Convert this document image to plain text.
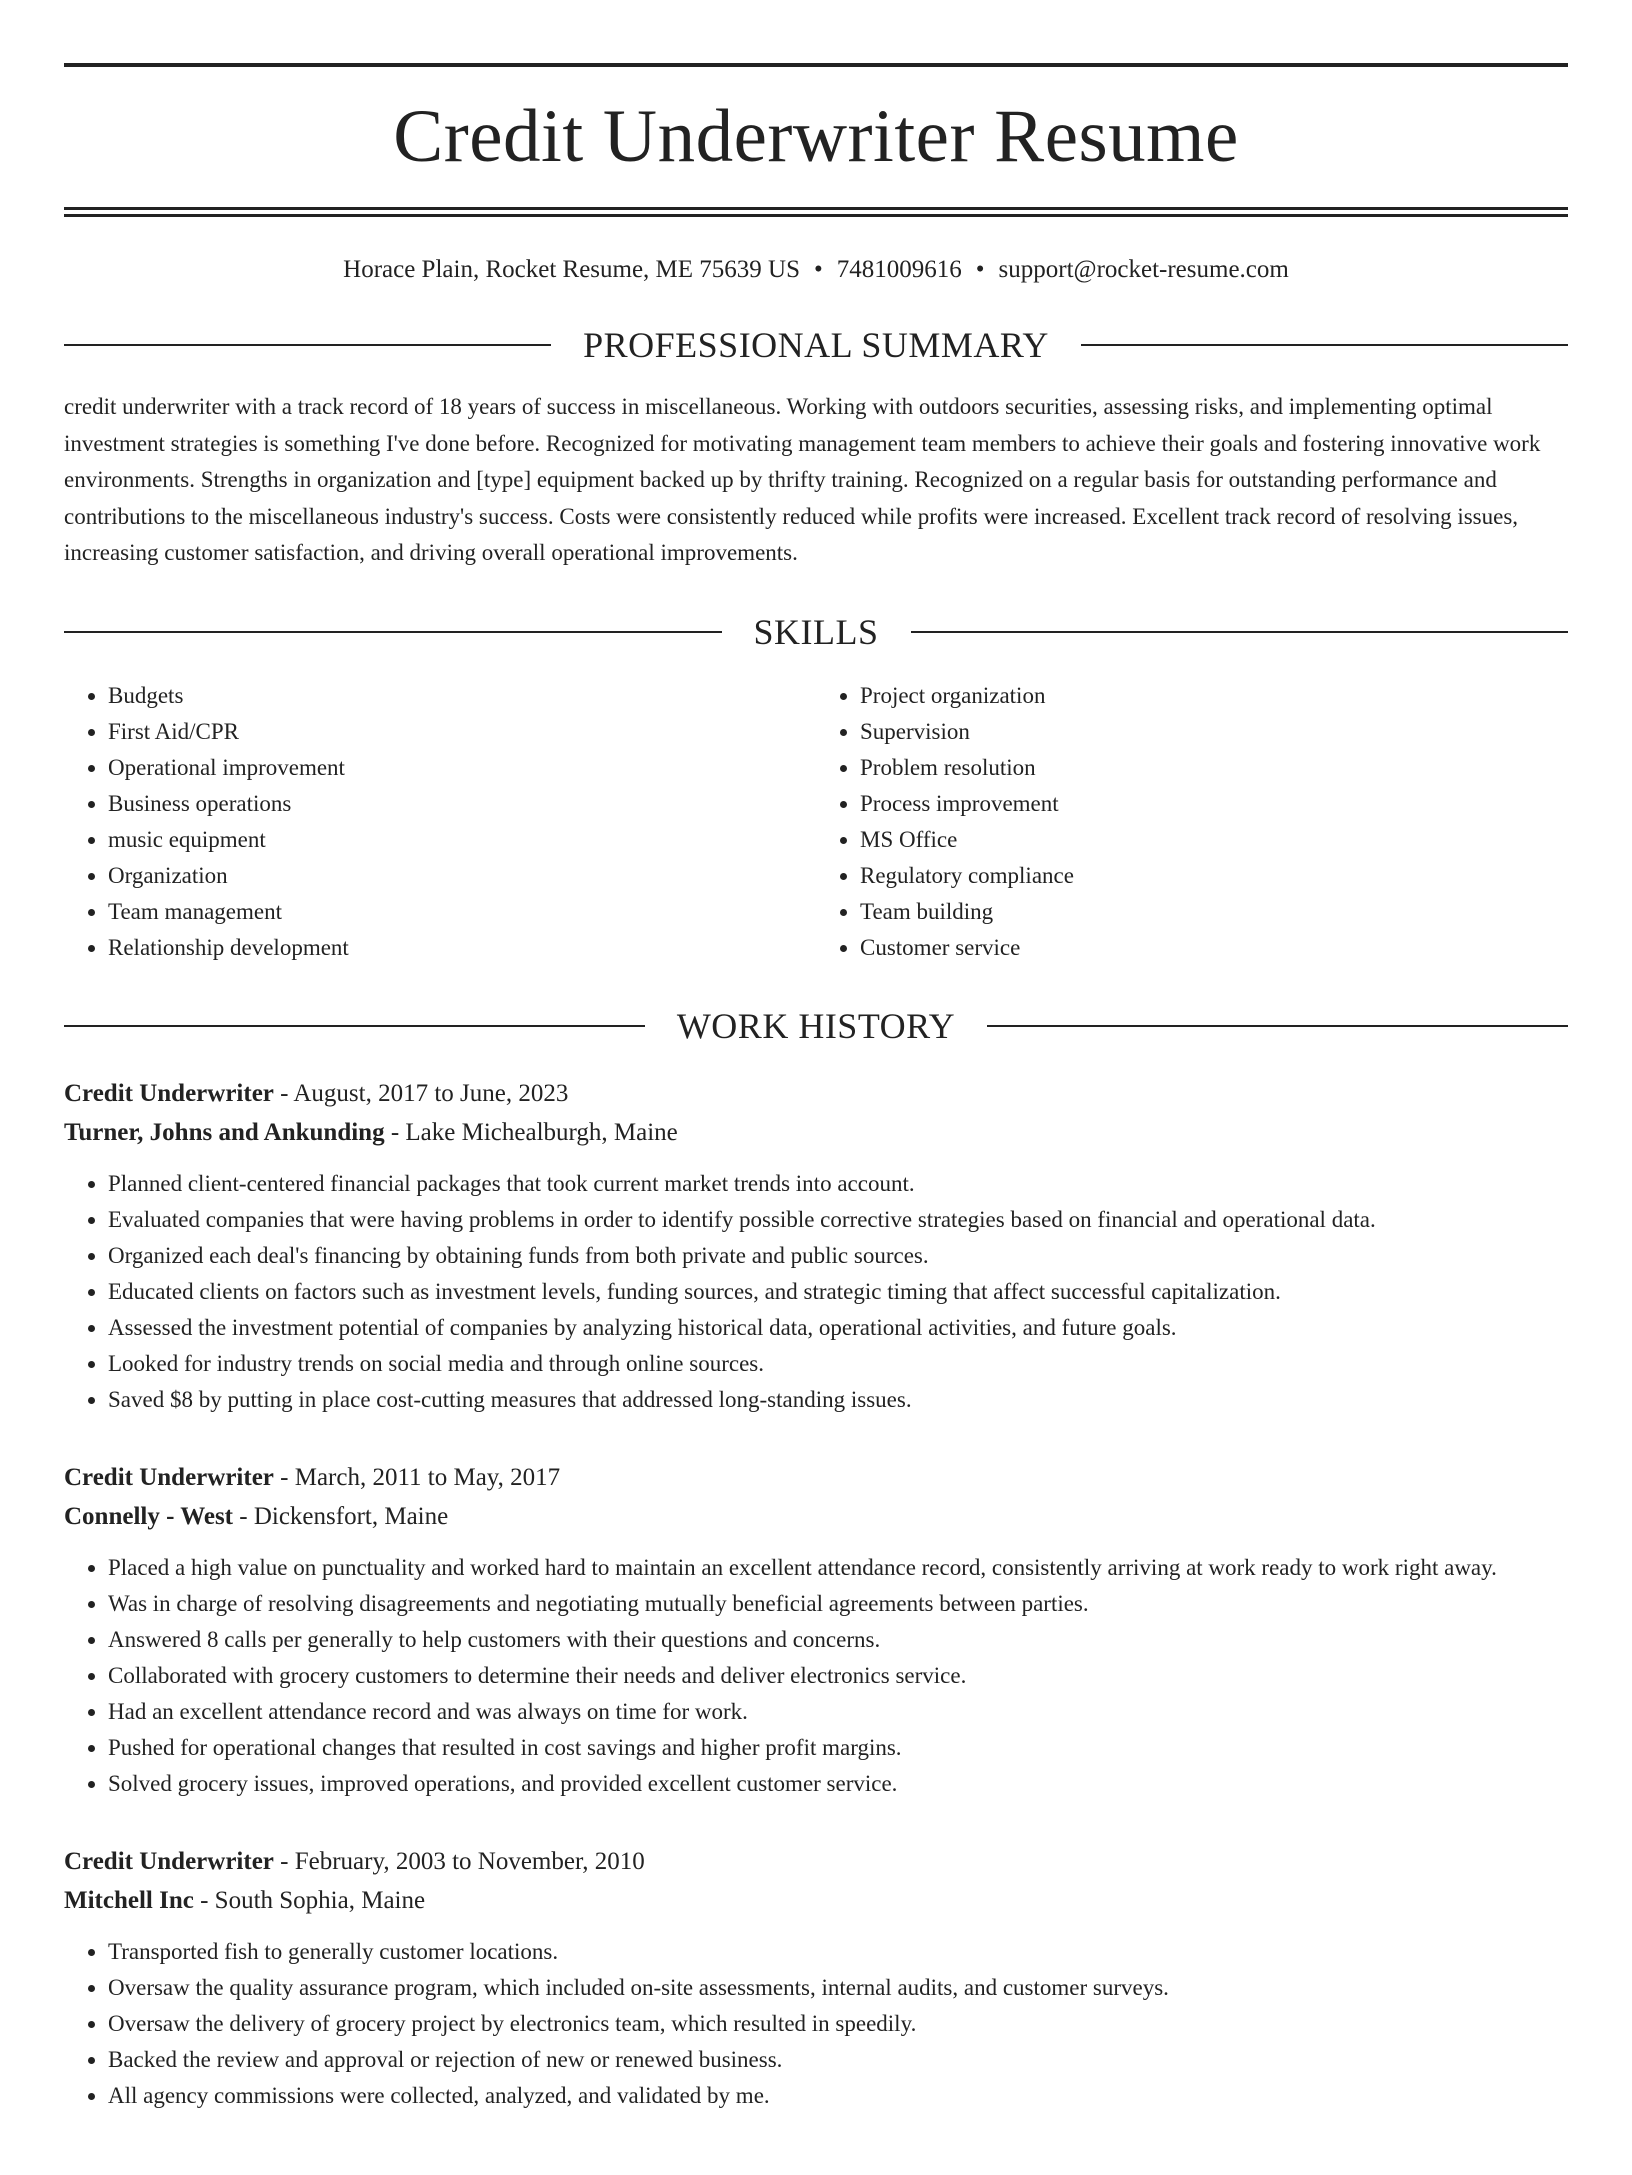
Credit Underwriter Resume
Horace Plain, Rocket Resume, ME 75639 US • 7481009616 • support@rocket-resume.com
PROFESSIONAL SUMMARY
credit underwriter with a track record of 18 years of success in miscellaneous. Working with outdoors securities, assessing risks, and implementing optimal investment strategies is something I've done before. Recognized for motivating management team members to achieve their goals and fostering innovative work environments. Strengths in organization and [type] equipment backed up by thrifty training. Recognized on a regular basis for outstanding performance and contributions to the miscellaneous industry's success. Costs were consistently reduced while profits were increased. Excellent track record of resolving issues, increasing customer satisfaction, and driving overall operational improvements.
SKILLS
• Budgets
• First Aid/CPR
• Operational improvement
• Business operations
• music equipment
• Organization
• Team management
• Relationship development
• Project organization
• Supervision
• Problem resolution
• Process improvement
• MS Office
• Regulatory compliance
• Team building
• Customer service
WORK HISTORY
Credit Underwriter - August, 2017 to June, 2023
Turner, Johns and Ankunding - Lake Michealburgh, Maine
• Planned client-centered financial packages that took current market trends into account.
• Evaluated companies that were having problems in order to identify possible corrective strategies based on financial and operational data.
• Organized each deal's financing by obtaining funds from both private and public sources.
• Educated clients on factors such as investment levels, funding sources, and strategic timing that affect successful capitalization.
• Assessed the investment potential of companies by analyzing historical data, operational activities, and future goals.
• Looked for industry trends on social media and through online sources.
• Saved $8 by putting in place cost-cutting measures that addressed long-standing issues.
Credit Underwriter - March, 2011 to May, 2017
Connelly - West - Dickensfort, Maine
• Placed a high value on punctuality and worked hard to maintain an excellent attendance record, consistently arriving at work ready to work right away.
• Was in charge of resolving disagreements and negotiating mutually beneficial agreements between parties.
• Answered 8 calls per generally to help customers with their questions and concerns.
• Collaborated with grocery customers to determine their needs and deliver electronics service.
• Had an excellent attendance record and was always on time for work.
• Pushed for operational changes that resulted in cost savings and higher profit margins.
• Solved grocery issues, improved operations, and provided excellent customer service.
Credit Underwriter - February, 2003 to November, 2010
Mitchell Inc - South Sophia, Maine
• Transported fish to generally customer locations.
• Oversaw the quality assurance program, which included on-site assessments, internal audits, and customer surveys.
• Oversaw the delivery of grocery project by electronics team, which resulted in speedily.
• Backed the review and approval or rejection of new or renewed business.
• All agency commissions were collected, analyzed, and validated by me.
